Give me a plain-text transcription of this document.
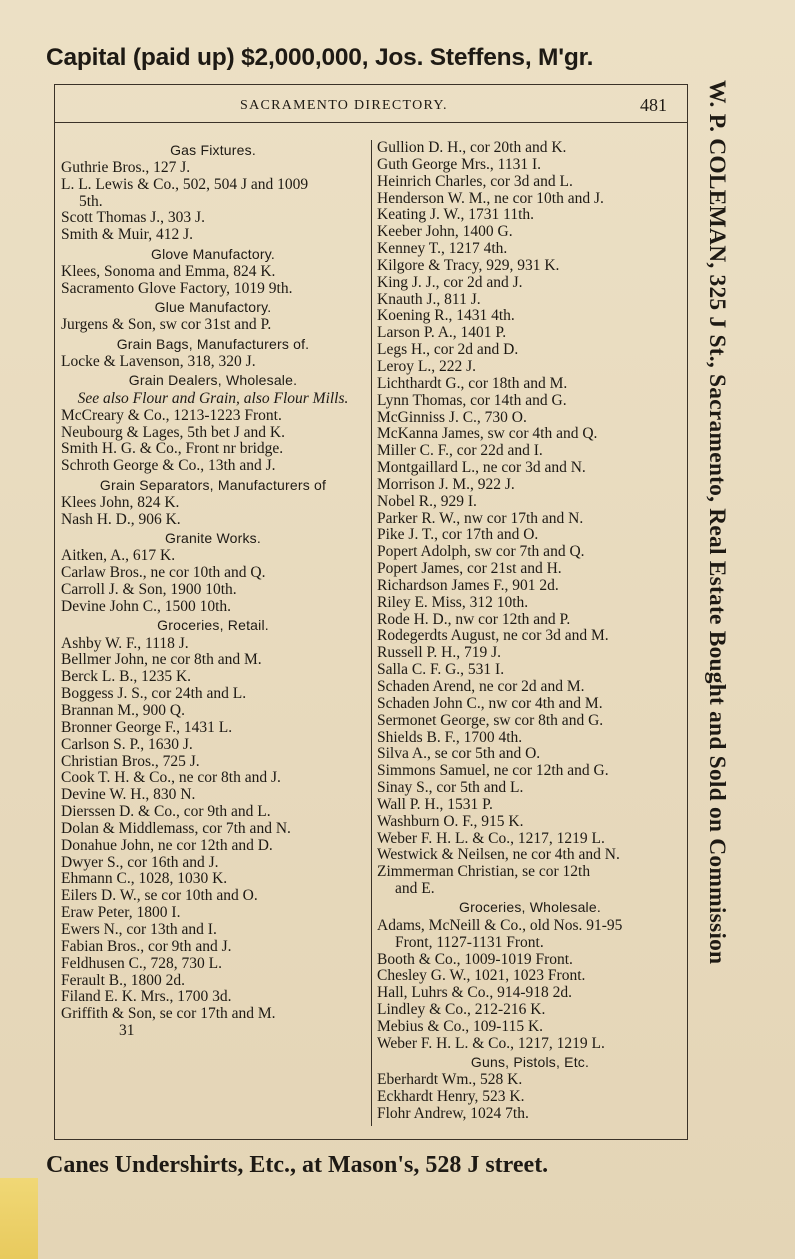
Capital (paid up) $2,000,000, Jos. Steffens, M'gr.
W. P. COLEMAN, 325 J St., Sacramento, Real Estate Bought and Sold on Commission
SACRAMENTO DIRECTORY.	481
Gas Fixtures.
Guthrie Bros., 127 J.
L. L. Lewis & Co., 502, 504 J and 1009
5th.
Scott Thomas J., 303 J.
Smith & Muir, 412 J.
Glove Manufactory.
Klees, Sonoma and Emma, 824 K.
Sacramento Glove Factory, 1019 9th.
Glue Manufactory.
Jurgens & Son, sw cor 31st and P.
Grain Bags, Manufacturers of.
Locke & Lavenson, 318, 320 J.
Grain Dealers, Wholesale.
See also Flour and Grain, also Flour Mills.
McCreary & Co., 1213-1223 Front.
Neubourg & Lages, 5th bet J and K.
Smith H. G. & Co., Front nr bridge.
Schroth George & Co., 13th and J.
Grain Separators, Manufacturers of
Klees John, 824 K.
Nash H. D., 906 K.
Granite Works.
Aitken, A., 617 K.
Carlaw Bros., ne cor 10th and Q.
Carroll J. & Son, 1900 10th.
Devine John C., 1500 10th.
Groceries, Retail.
Ashby W. F., 1118 J.
Bellmer John, ne cor 8th and M.
Berck L. B., 1235 K.
Boggess J. S., cor 24th and L.
Brannan M., 900 Q.
Bronner George F., 1431 L.
Carlson S. P., 1630 J.
Christian Bros., 725 J.
Cook T. H. & Co., ne cor 8th and J.
Devine W. H., 830 N.
Dierssen D. & Co., cor 9th and L.
Dolan & Middlemass, cor 7th and N.
Donahue John, ne cor 12th and D.
Dwyer S., cor 16th and J.
Ehmann C., 1028, 1030 K.
Eilers D. W., se cor 10th and O.
Eraw Peter, 1800 I.
Ewers N., cor 13th and I.
Fabian Bros., cor 9th and J.
Feldhusen C., 728, 730 L.
Ferault B., 1800 2d.
Filand E. K. Mrs., 1700 3d.
Griffith & Son, se cor 17th and M.
31
Gullion D. H., cor 20th and K.
Guth George Mrs., 1131 I.
Heinrich Charles, cor 3d and L.
Henderson W. M., ne cor 10th and J.
Keating J. W., 1731 11th.
Keeber John, 1400 G.
Kenney T., 1217 4th.
Kilgore & Tracy, 929, 931 K.
King J. J., cor 2d and J.
Knauth J., 811 J.
Koening R., 1431 4th.
Larson P. A., 1401 P.
Legs H., cor 2d and D.
Leroy L., 222 J.
Lichthardt G., cor 18th and M.
Lynn Thomas, cor 14th and G.
McGinniss J. C., 730 O.
McKanna James, sw cor 4th and Q.
Miller C. F., cor 22d and I.
Montgaillard L., ne cor 3d and N.
Morrison J. M., 922 J.
Nobel R., 929 I.
Parker R. W., nw cor 17th and N.
Pike J. T., cor 17th and O.
Popert Adolph, sw cor 7th and Q.
Popert James, cor 21st and H.
Richardson James F., 901 2d.
Riley E. Miss, 312 10th.
Rode H. D., nw cor 12th and P.
Rodegerdts August, ne cor 3d and M.
Russell P. H., 719 J.
Salla C. F. G., 531 I.
Schaden Arend, ne cor 2d and M.
Schaden John C., nw cor 4th and M.
Sermonet George, sw cor 8th and G.
Shields B. F., 1700 4th.
Silva A., se cor 5th and O.
Simmons Samuel, ne cor 12th and G.
Sinay S., cor 5th and L.
Wall P. H., 1531 P.
Washburn O. F., 915 K.
Weber F. H. L. & Co., 1217, 1219 L.
Westwick & Neilsen, ne cor 4th and N.
Zimmerman Christian, se cor 12th
and E.
Groceries, Wholesale.
Adams, McNeill & Co., old Nos. 91-95
Front, 1127-1131 Front.
Booth & Co., 1009-1019 Front.
Chesley G. W., 1021, 1023 Front.
Hall, Luhrs & Co., 914-918 2d.
Lindley & Co., 212-216 K.
Mebius & Co., 109-115 K.
Weber F. H. L. & Co., 1217, 1219 L.
Guns, Pistols, Etc.
Eberhardt Wm., 528 K.
Eckhardt Henry, 523 K.
Flohr Andrew, 1024 7th.
Canes Undershirts, Etc., at Mason's, 528 J street.
